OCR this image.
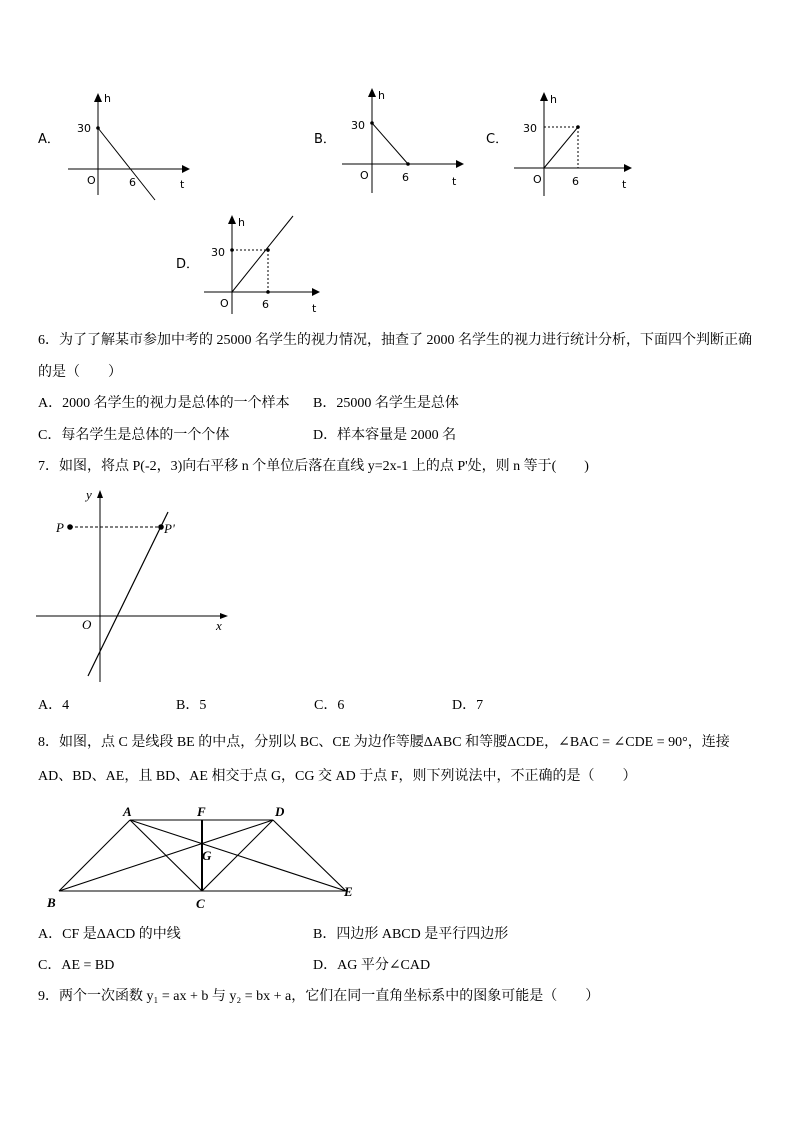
A．
h
t
30
O	6
B．
h
t
30
O	6
C．
h
t
30
O	6
D．
h
t
30
O	6
6．为了了解某市参加中考的 25000 名学生的视力情况，抽查了 2000 名学生的视力进行统计分析，下面四个判断正确
的是（　　）
A．2000 名学生的视力是总体的一个样本 B．25000 名学生是总体
C．每名学生是总体的一个个体	D．样本容量是 2000 名
7．如图，将点 P(-2，3)向右平移 n 个单位后落在直线 y=2x-1 上的点 P'处，则 n 等于(　　)
P	P'
y
x
O
A．4	B．5	C．6	D．7
8．如图，点 C 是线段 BE 的中点，分别以 BC、CE 为边作等腰ΔABC 和等腰ΔCDE，∠BAC = ∠CDE = 90°，连接
AD、BD、AE，且 BD、AE 相交于点 G，CG 交 AD 于点 F，则下列说法中，不正确的是（　　）
A	F	D
G
B	C
E
A．CF 是ΔACD 的中线	B．四边形 ABCD 是平行四边形
C．AE = BD	D．AG 平分∠CAD
9．两个一次函数 y₁ = ax + b 与 y₂ = bx + a，它们在同一直角坐标系中的图象可能是（　　）
